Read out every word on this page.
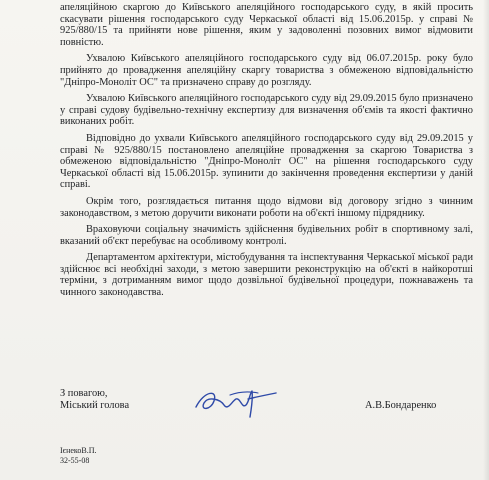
апеляційною скаргою до Київського апеляційного господарського суду, в якій просить скасувати рішення господарського суду Черкаської області від 15.06.2015р. у справі № 925/880/15 та прийняти нове рішення, яким у задоволенні позовних вимог відмовити повністю.

Ухвалою Київського апеляційного господарського суду від 06.07.2015р. року було прийнято до провадження апеляційну скаргу товариства з обмеженою відповідальністю "Дніпро-Моноліт ОС" та призначено справу до розгляду.

Ухвалою Київського апеляційного господарського суду від 29.09.2015 було призначено у справі судову будівельно-технічну експертизу для визначення об'ємів та якості фактично виконаних робіт.

Відповідно до ухвали Київського апеляційного господарського суду від 29.09.2015 у справі № 925/880/15 постановлено апеляційне провадження за скаргою Товариства з обмеженою відповідальністю "Дніпро-Моноліт ОС" на рішення господарського суду Черкаської області від 15.06.2015р. зупинити до закінчення проведення експертизи у даній справі.

Окрім того, розглядається питання щодо відмови від договору згідно з чинним законодавством, з метою доручити виконати роботи на об'єкті іншому підряднику.

Враховуючи соціальну значимість здійснення будівельних робіт в спортивному залі, вказаний об'єкт перебуває на особливому контролі.

Департаментом архітектури, містобудування та інспектування Черкаської міської ради здійснює всі необхідні заходи, з метою завершити реконструкцію на об'єкті в найкоротші терміни, з дотриманням вимог щодо дозвільної будівельної процедури, пожнаважень та чинного законодавства.

З повагою,
Міський голова	А.В.Бондаренко
ІєнекоВ.П.
32-55-08
